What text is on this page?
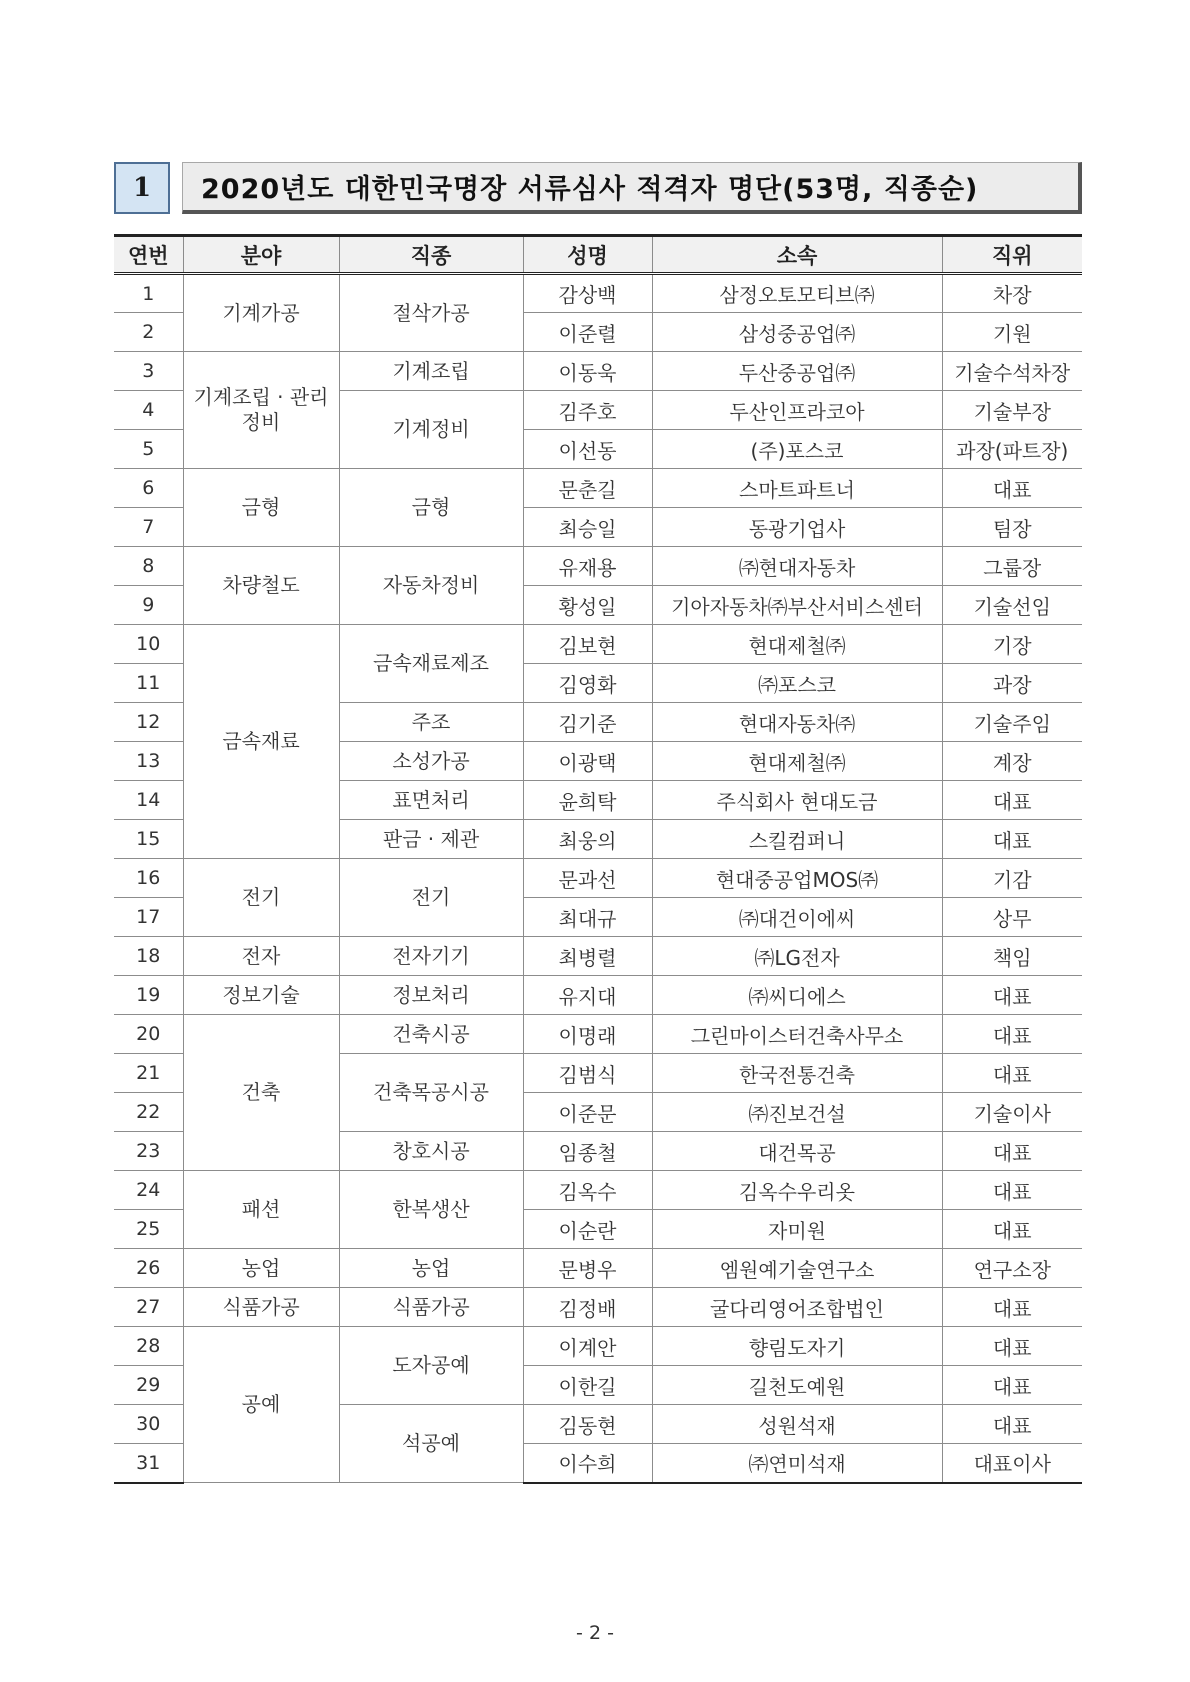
1	2020년도 대한민국명장 서류심사 적격자 명단(53명, 직종순)
연번	분야	직종	성명	소속	직위
1	기계가공	절삭가공	감상백	삼정오토모티브㈜	차장
2			이준렬	삼성중공업㈜	기원
3	기계조립 · 관리정비	기계조립	이동욱	두산중공업㈜	기술수석차장
4		기계정비	김주호	두산인프라코아	기술부장
5			이선동	(주)포스코	과장(파트장)
6	금형	금형	문춘길	스마트파트너	대표
7			최승일	동광기업사	팀장
8	차량철도	자동차정비	유재용	㈜현대자동차	그룹장
9			황성일	기아자동차㈜부산서비스센터	기술선임
10	금속재료	금속재료제조	김보현	현대제철㈜	기장
11			김영화	㈜포스코	과장
12		주조	김기준	현대자동차㈜	기술주임
13		소성가공	이광택	현대제철㈜	계장
14		표면처리	윤희탁	주식회사 현대도금	대표
15		판금 · 제관	최웅의	스킬컴퍼니	대표
16	전기	전기	문과선	현대중공업MOS㈜	기감
17			최대규	㈜대건이에씨	상무
18	전자	전자기기	최병렬	㈜LG전자	책임
19	정보기술	정보처리	유지대	㈜씨디에스	대표
20	건축	건축시공	이명래	그린마이스터건축사무소	대표
21		건축목공시공	김범식	한국전통건축	대표
22			이준문	㈜진보건설	기술이사
23		창호시공	임종철	대건목공	대표
24	패션	한복생산	김옥수	김옥수우리옷	대표
25			이순란	자미원	대표
26	농업	농업	문병우	엠원예기술연구소	연구소장
27	식품가공	식품가공	김정배	굴다리영어조합법인	대표
28	공예	도자공예	이계안	향림도자기	대표
29			이한길	길천도예원	대표
30		석공예	김동현	성원석재	대표
31			이수희	㈜연미석재	대표이사
- 2 -
